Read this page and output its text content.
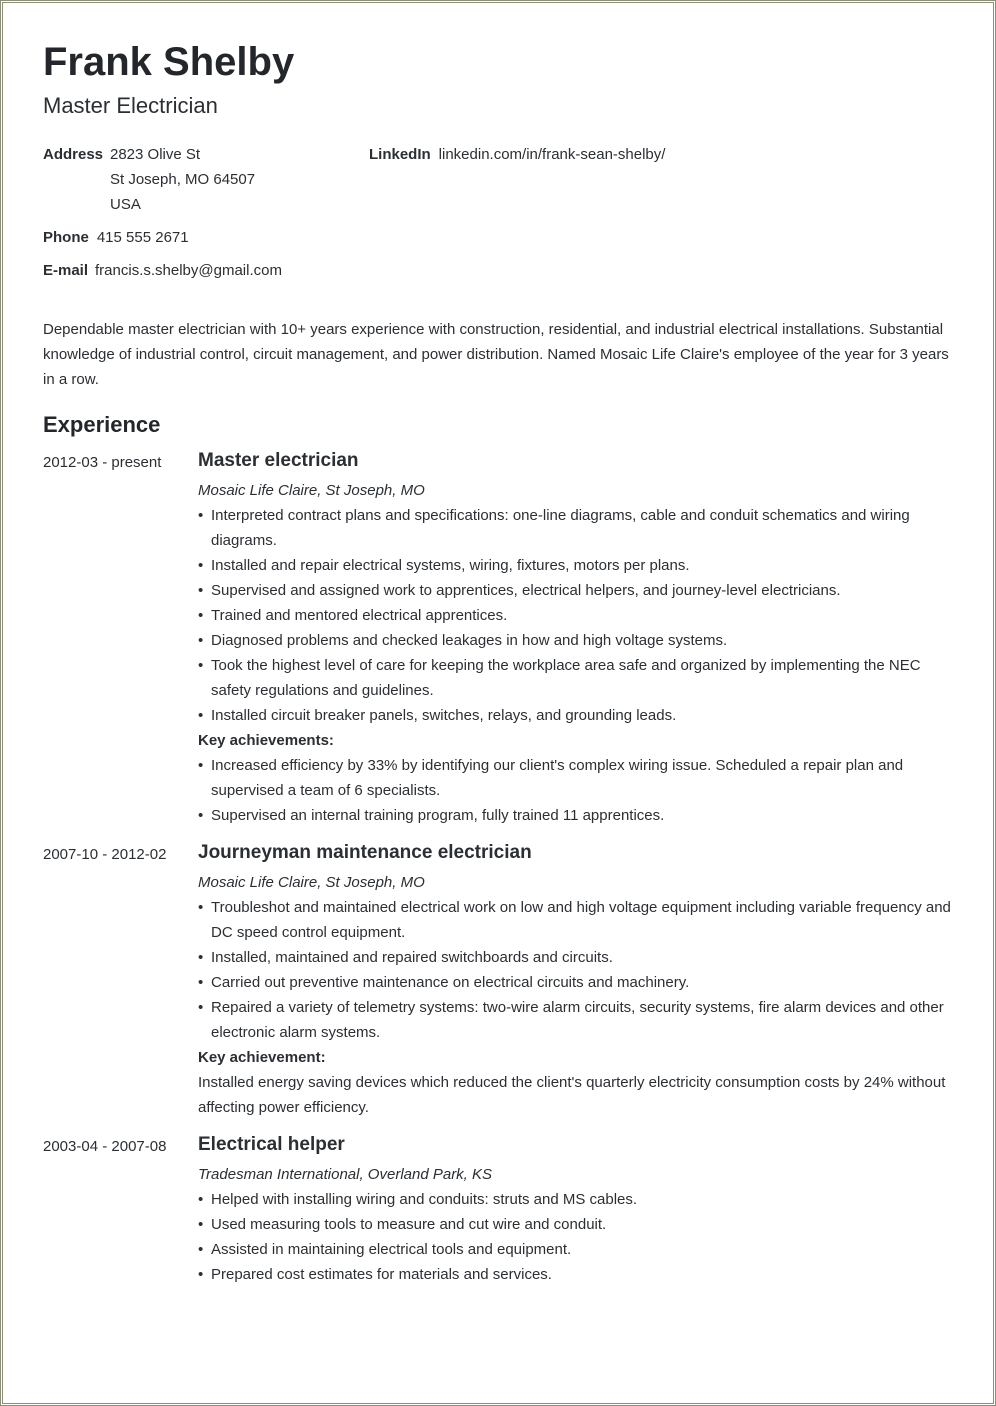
Frank Shelby
Master Electrician
Address 2823 Olive St
St Joseph, MO 64507
USA
LinkedIn linkedin.com/in/frank-sean-shelby/
Phone 415 555 2671
E-mail francis.s.shelby@gmail.com
Dependable master electrician with 10+ years experience with construction, residential, and industrial electrical installations. Substantial knowledge of industrial control, circuit management, and power distribution. Named Mosaic Life Claire's employee of the year for 3 years in a row.
Experience
2012-03 - present	Master electrician
Mosaic Life Claire, St Joseph, MO
• Interpreted contract plans and specifications: one-line diagrams, cable and conduit schematics and wiring diagrams.
• Installed and repair electrical systems, wiring, fixtures, motors per plans.
• Supervised and assigned work to apprentices, electrical helpers, and journey-level electricians.
• Trained and mentored electrical apprentices.
• Diagnosed problems and checked leakages in how and high voltage systems.
• Took the highest level of care for keeping the workplace area safe and organized by implementing the NEC safety regulations and guidelines.
• Installed circuit breaker panels, switches, relays, and grounding leads.
Key achievements:
• Increased efficiency by 33% by identifying our client's complex wiring issue. Scheduled a repair plan and supervised a team of 6 specialists.
• Supervised an internal training program, fully trained 11 apprentices.
2007-10 - 2012-02	Journeyman maintenance electrician
Mosaic Life Claire, St Joseph, MO
• Troubleshot and maintained electrical work on low and high voltage equipment including variable frequency and DC speed control equipment.
• Installed, maintained and repaired switchboards and circuits.
• Carried out preventive maintenance on electrical circuits and machinery.
• Repaired a variety of telemetry systems: two-wire alarm circuits, security systems, fire alarm devices and other electronic alarm systems.
Key achievement:
Installed energy saving devices which reduced the client's quarterly electricity consumption costs by 24% without affecting power efficiency.
2003-04 - 2007-08	Electrical helper
Tradesman International, Overland Park, KS
• Helped with installing wiring and conduits: struts and MS cables.
• Used measuring tools to measure and cut wire and conduit.
• Assisted in maintaining electrical tools and equipment.
• Prepared cost estimates for materials and services.
